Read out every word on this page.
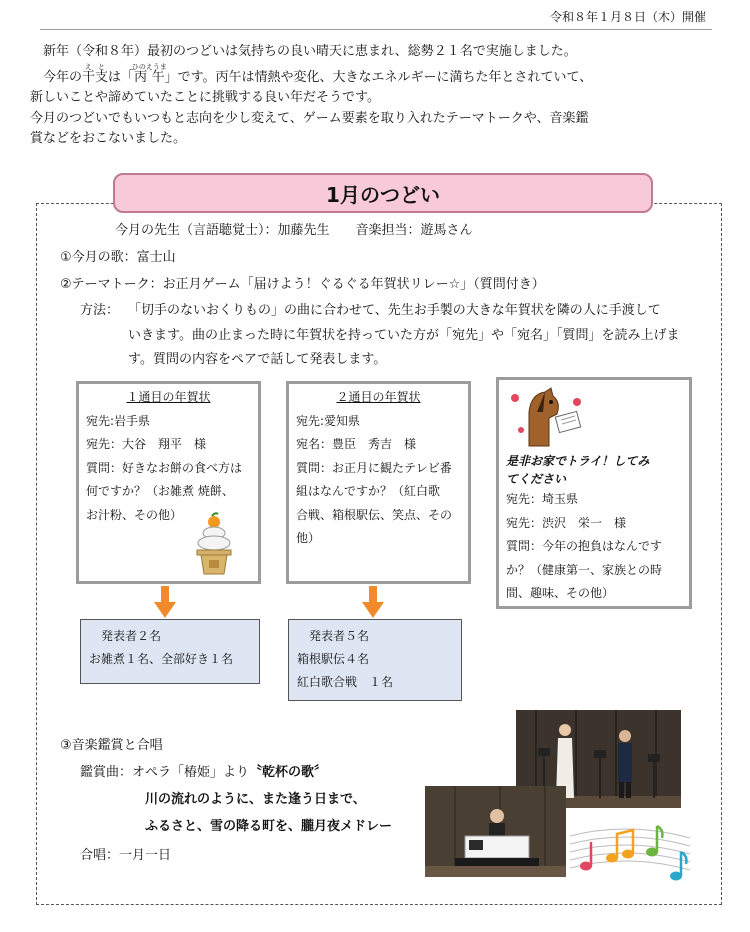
令和８年１月８日（木）開催

新年（令和８年）最初のつどいは気持ちの良い晴天に恵まれ、総勢２１名で実施しました。

今年の干え支とは「丙午ひのえうま」です。丙午は情熱や変化、大きなエネルギーに満ちた年とされていて、

新しいことや諦めていたことに挑戦する良い年だそうです。

今月のつどいでもいつもと志向を少し変えて、ゲーム要素を取り入れたテーマトークや、音楽鑑

賞などをおこないました。

1月のつどい
今月の先生（言語聴覚士）：加藤先生　　音楽担当：遊馬さん
①今月の歌：富士山
②テーマトーク：お正月ゲーム「届けよう！ぐるぐる年賀状リレー☆」（質問付き）
方法： 「切手のないおくりもの」の曲に合わせて、先生お手製の大きな年賀状を隣の人に手渡して
いきます。曲の止まった時に年賀状を持っていた方が「宛先」や「宛名」「質問」を読み上げま
す。質問の内容をペアで話して発表します。
１通目の年賀状
宛先:岩手県
宛先：大谷　翔平　様
質問：好きなお餅の食べ方は
何ですか？（お雑煮 焼餅、
お汁粉、その他）
２通目の年賀状
宛先:愛知県
宛名：豊臣　秀吉　様
質問：お正月に観たテレビ番
組はなんですか？（紅白歌
合戦、箱根駅伝、笑点、その
他）
是非お家でトライ！してみ
てください
宛先：埼玉県
宛先：渋沢　栄一　様
質問：今年の抱負はなんです
か？（健康第一、家族との時
間、趣味、その他）
　発表者２名
お雑煮１名、全部好き１名
　発表者５名
箱根駅伝４名
紅白歌合戦　１名
③音楽鑑賞と合唱
鑑賞曲：オペラ「椿姫」より〝乾杯の歌〞
川の流れのように、また逢う日まで、
ふるさと、雪の降る町を、朧月夜メドレー
合唱：一月一日
